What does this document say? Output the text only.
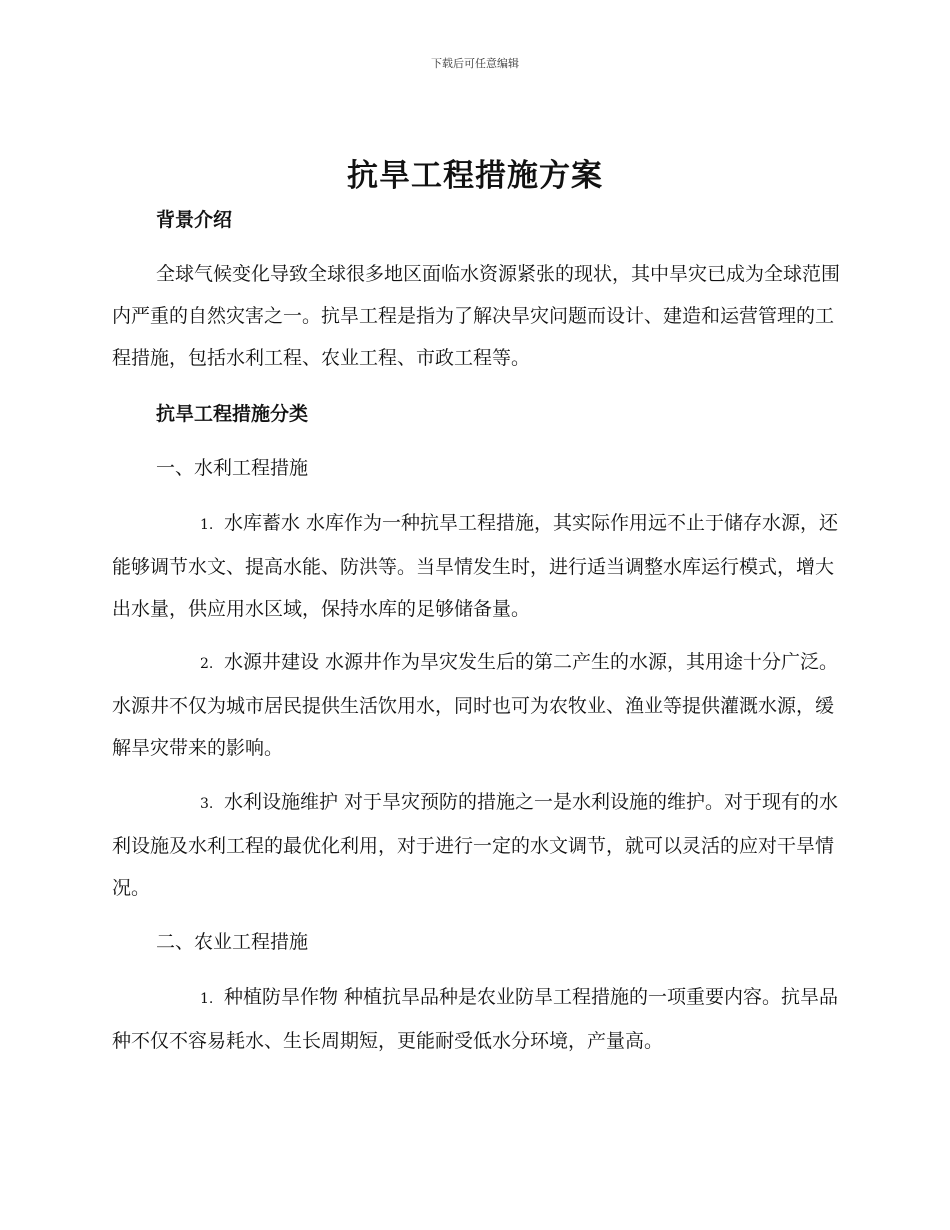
下载后可任意编辑
抗旱工程措施方案
背景介绍
全球气候变化导致全球很多地区面临水资源紧张的现状，其中旱灾已成为全球范围内严重的自然灾害之一。抗旱工程是指为了解决旱灾问题而设计、建造和运营管理的工程措施，包括水利工程、农业工程、市政工程等。
抗旱工程措施分类
一、水利工程措施
1. 水库蓄水 水库作为一种抗旱工程措施，其实际作用远不止于储存水源，还能够调节水文、提高水能、防洪等。当旱情发生时，进行适当调整水库运行模式，增大出水量，供应用水区域，保持水库的足够储备量。
2. 水源井建设 水源井作为旱灾发生后的第二产生的水源，其用途十分广泛。水源井不仅为城市居民提供生活饮用水，同时也可为农牧业、渔业等提供灌溉水源，缓解旱灾带来的影响。
3. 水利设施维护 对于旱灾预防的措施之一是水利设施的维护。对于现有的水利设施及水利工程的最优化利用，对于进行一定的水文调节，就可以灵活的应对干旱情况。
二、农业工程措施
1. 种植防旱作物 种植抗旱品种是农业防旱工程措施的一项重要内容。抗旱品种不仅不容易耗水、生长周期短，更能耐受低水分环境，产量高。
